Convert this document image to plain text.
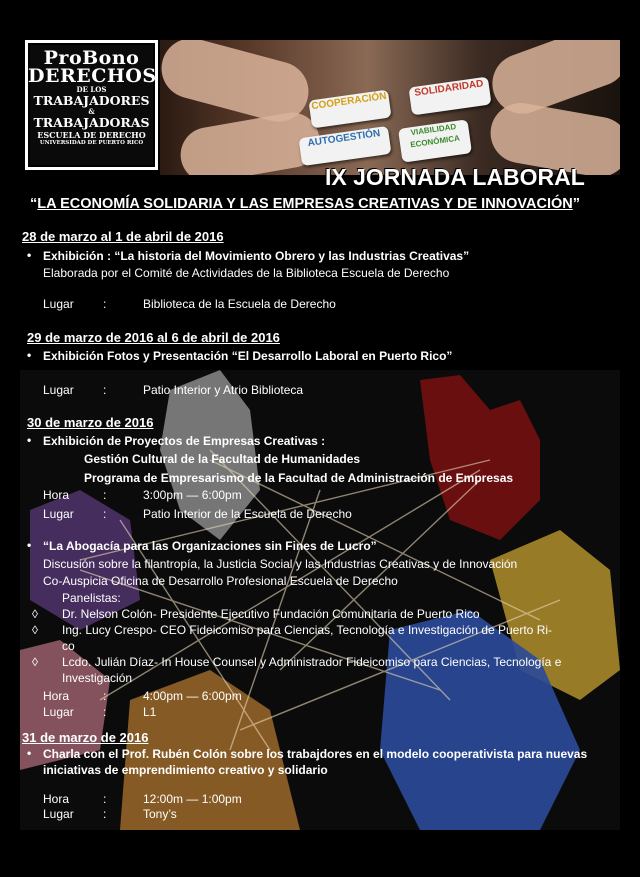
ProBono
DERECHOS
DE LOS
TRABAJADORES
&
TRABAJADORAS
ESCUELA DE DERECHO
UNIVERSIDAD DE PUERTO RICO
COOPERACIÓN
SOLIDARIDAD
AUTOGESTIÓN	VIABILIDAD ECONÓMICA
IX JORNADA LABORAL
“LA ECONOMÍA SOLIDARIA Y LAS EMPRESAS CREATIVAS Y DE INNOVACIÓN”
28 de marzo al 1 de abril de 2016
• Exhibición : “La historia del Movimiento Obrero y las Industrias Creativas”
Elaborada por el Comité de Actividades de la Biblioteca Escuela de Derecho
Lugar :	Biblioteca de la Escuela de Derecho
29 de marzo de 2016 al 6 de abril de 2016
• Exhibición Fotos y Presentación “El Desarrollo Laboral en Puerto Rico”
Lugar :	Patio Interior y Atrio Biblioteca
30 de marzo de 2016
• Exhibición de Proyectos de Empresas Creativas :
Gestión Cultural de la Facultad de Humanidades
Programa de Empresarismo de la Facultad de Administración de Empresas
Hora	:	3:00pm — 6:00pm
Lugar :	Patio Interior de la Escuela de Derecho
• “La Abogacía para las Organizaciones sin Fines de Lucro”
Discusión sobre la filantropía, la Justicia Social y las Industrias Creativas y de Innovación
Co-Auspicia Oficina de Desarrollo Profesional Escuela de Derecho
Panelistas:
◊ Dr. Nelson Colón- Presidente Ejecutivo Fundación Comunitaria de Puerto Rico
◊ Ing. Lucy Crespo- CEO Fideicomiso para Ciencias, Tecnología e Investigación de Puerto Ri-
co
◊ Lcdo. Julián Díaz- In House Counsel y Administrador Fideicomiso para Ciencias, Tecnología e
Investigación
Hora	:	4:00pm — 6:00pm
Lugar :	L1
31 de marzo de 2016
• Charla con el Prof. Rubén Colón sobre los trabajdores en el modelo cooperativista para nuevas
iniciativas de emprendimiento creativo y solidario
Hora	:	12:00m — 1:00pm
Lugar :	Tony’s
